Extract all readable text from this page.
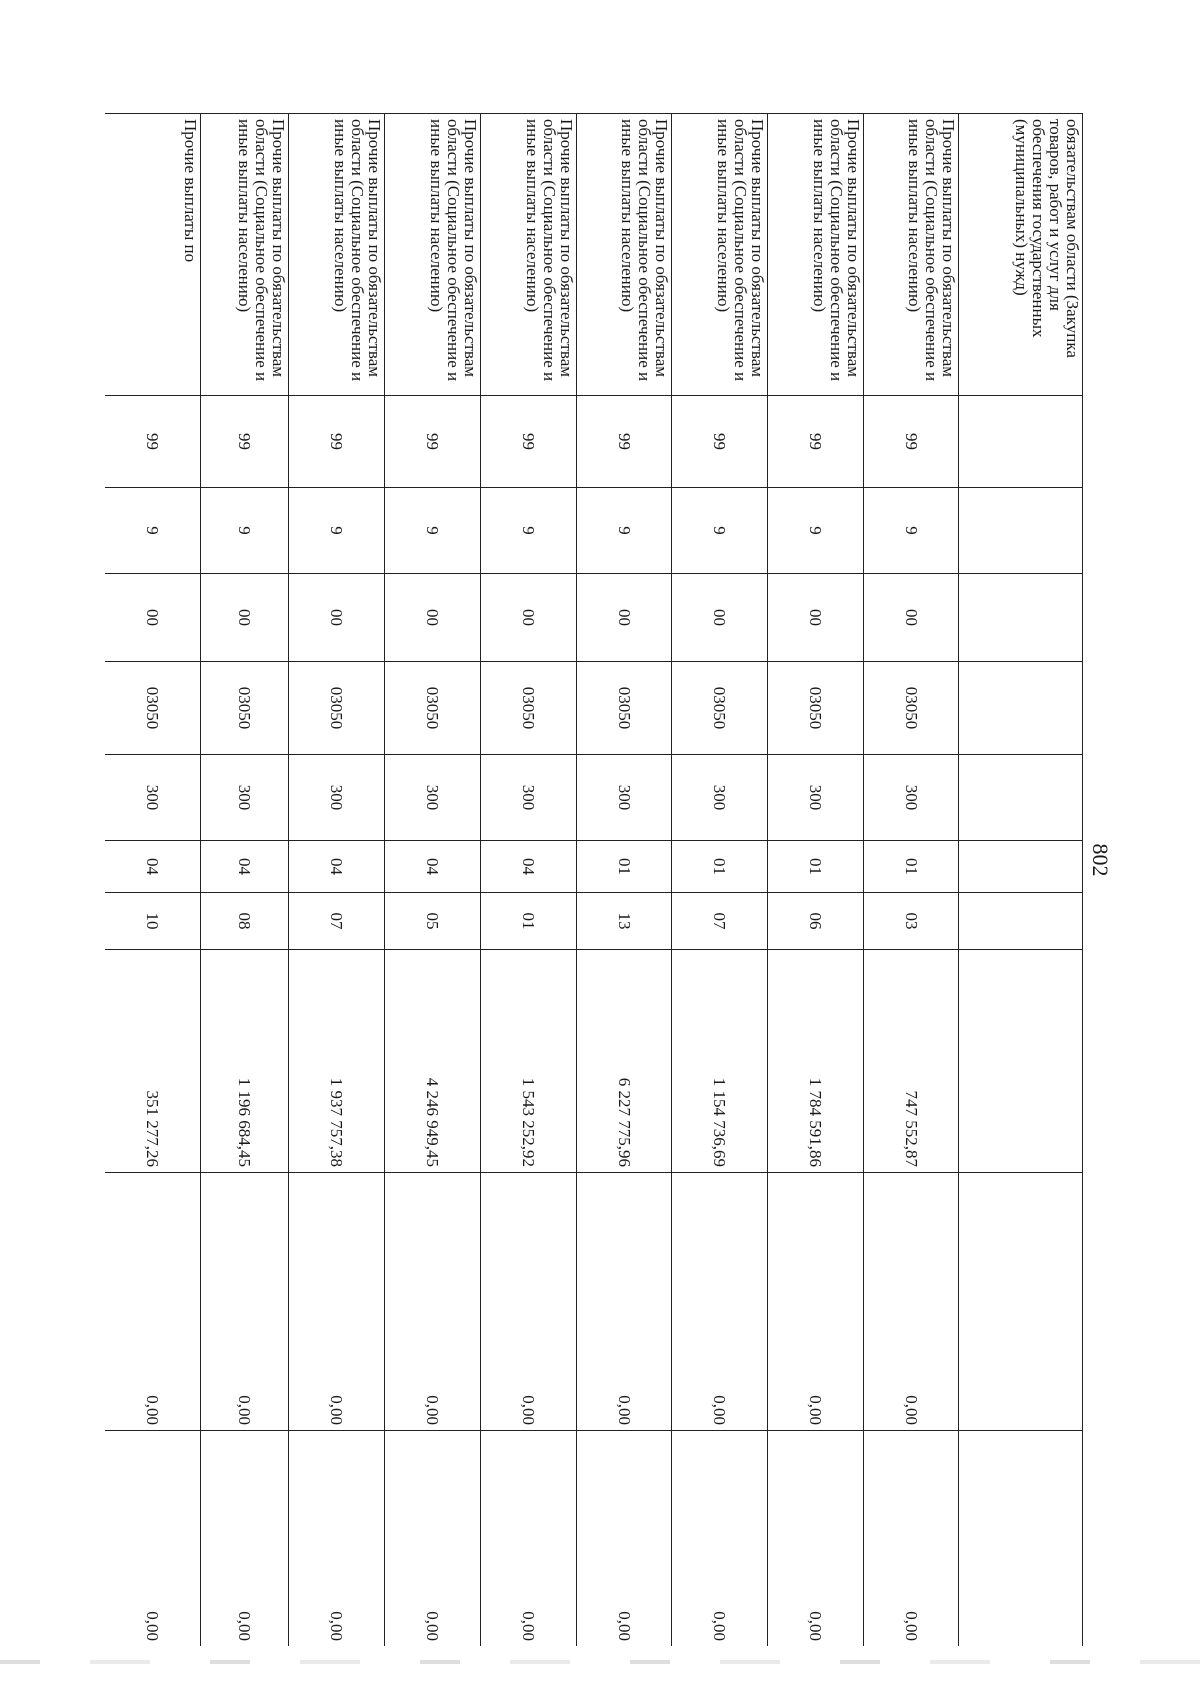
802
обязательствам области (Закупка товаров, работ и услуг для обеспечения государственных (муниципальных) нужд)										
Прочие выплаты по обязательствам области (Социальное обеспечение и иные выплаты населению)	99	9	00	03050	300	01	03	747 552,87	0,00	0,00
Прочие выплаты по обязательствам области (Социальное обеспечение и иные выплаты населению)	99	9	00	03050	300	01	06	1 784 591,86	0,00	0,00
Прочие выплаты по обязательствам области (Социальное обеспечение и иные выплаты населению)	99	9	00	03050	300	01	07	1 154 736,69	0,00	0,00
Прочие выплаты по обязательствам области (Социальное обеспечение и иные выплаты населению)	99	9	00	03050	300	01	13	6 227 775,96	0,00	0,00
Прочие выплаты по обязательствам области (Социальное обеспечение и иные выплаты населению)	99	9	00	03050	300	04	01	1 543 252,92	0,00	0,00
Прочие выплаты по обязательствам области (Социальное обеспечение и иные выплаты населению)	99	9	00	03050	300	04	05	4 246 949,45	0,00	0,00
Прочие выплаты по обязательствам области (Социальное обеспечение и иные выплаты населению)	99	9	00	03050	300	04	07	1 937 757,38	0,00	0,00
Прочие выплаты по обязательствам области (Социальное обеспечение и иные выплаты населению)	99	9	00	03050	300	04	08	1 196 684,45	0,00	0,00
Прочие выплаты по	99	9	00	03050	300	04	10	351 277,26	0,00	0,00
